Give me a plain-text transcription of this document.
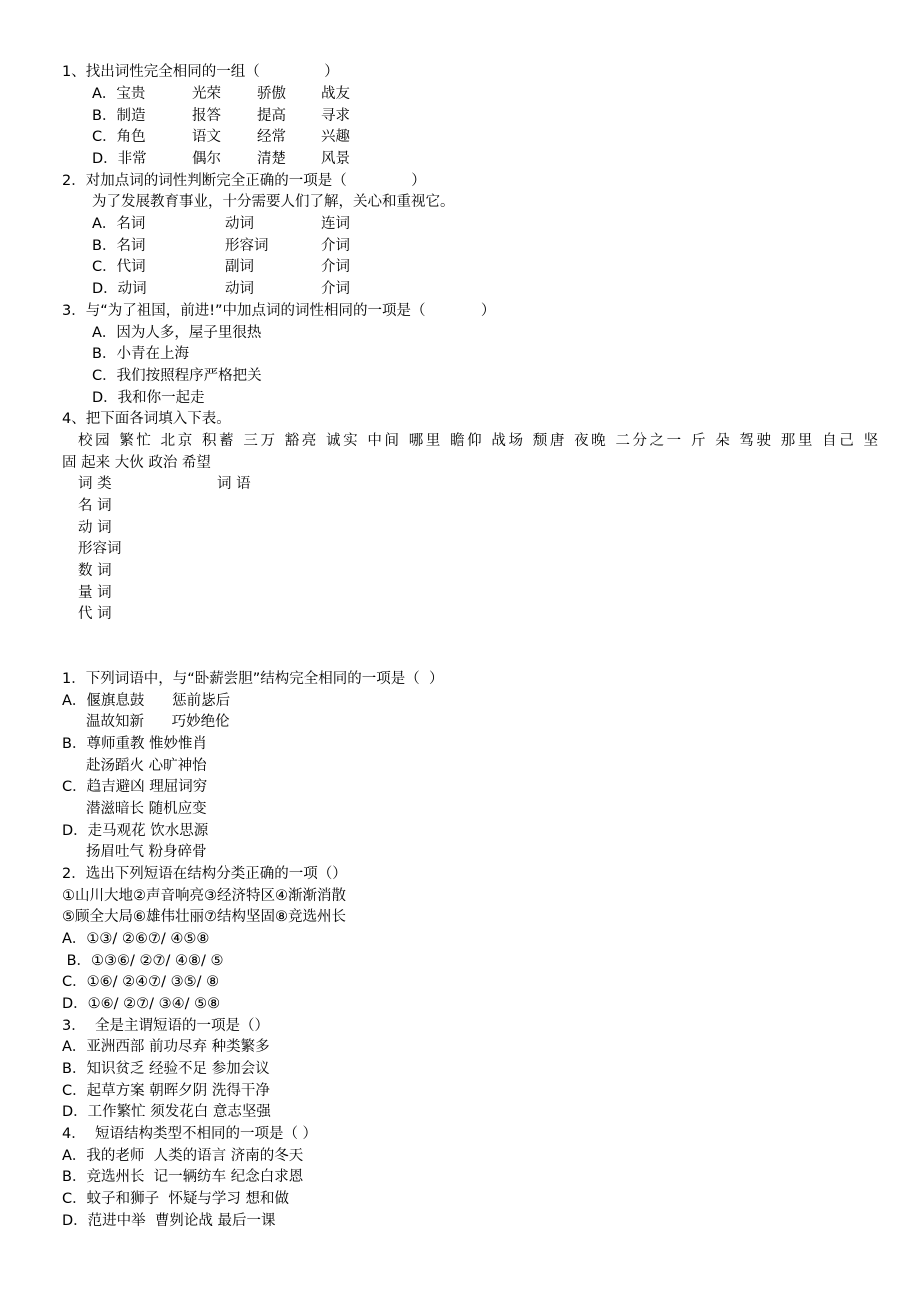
1、找出词性完全相同的一组（              ）
A．宝贵	光荣 骄傲 战友
B．制造	报答 提高 寻求
C．角色	语文 经常 兴趣
D．非常	偶尔 清楚 风景
2．对加点词的词性判断完全正确的一项是（              ）
为了发展教育事业，十分需要人们了解，关心和重视它。
A．名词	动词	连词
B．名词	形容词	介词
C．代词	副词	介词
D．动词	动词	介词
3．与“为了祖国，前进!”中加点词的词性相同的一项是（            ）
A．因为人多，屋子里很热
B．小青在上海
C．我们按照程序严格把关
D．我和你一起走
4、把下面各词填入下表。
校园 繁忙 北京 积蓄 三万 豁亮 诚实 中间 哪里 瞻仰 战场 颓唐 夜晚 二分之一 斤 朵 驾驶 那里 自己 坚
固 起来 大伙 政治 希望
词 类	词 语
名 词
动 词
形容词
数 词
量 词
代 词
1．下列词语中，与“卧薪尝胆”结构完全相同的一项是（  ）
A．偃旗息鼓      惩前毖后
温故知新      巧妙绝伦
B．尊师重教 惟妙惟肖
赴汤蹈火 心旷神怡
C．趋吉避凶 理屈词穷
潜滋暗长 随机应变
D．走马观花 饮水思源
扬眉吐气 粉身碎骨
2．选出下列短语在结构分类正确的一项（）
①山川大地②声音响亮③经济特区④渐渐消散
⑤顾全大局⑥雄伟壮丽⑦结构坚固⑧竞选州长
A．①③/ ②⑥⑦/ ④⑤⑧
B．①③⑥/ ②⑦/ ④⑧/ ⑤
C．①⑥/ ②④⑦/ ③⑤/ ⑧
D．①⑥/ ②⑦/ ③④/ ⑤⑧
3．  全是主谓短语的一项是（）
A．亚洲西部 前功尽弃 种类繁多
B．知识贫乏 经验不足 参加会议
C．起草方案 朝晖夕阴 洗得干净
D．工作繁忙 须发花白 意志坚强
4．  短语结构类型不相同的一项是（ ）
A．我的老师  人类的语言 济南的冬天
B．竞选州长  记一辆纺车 纪念白求恩
C．蚊子和狮子  怀疑与学习 想和做
D．范进中举  曹刿论战 最后一课
